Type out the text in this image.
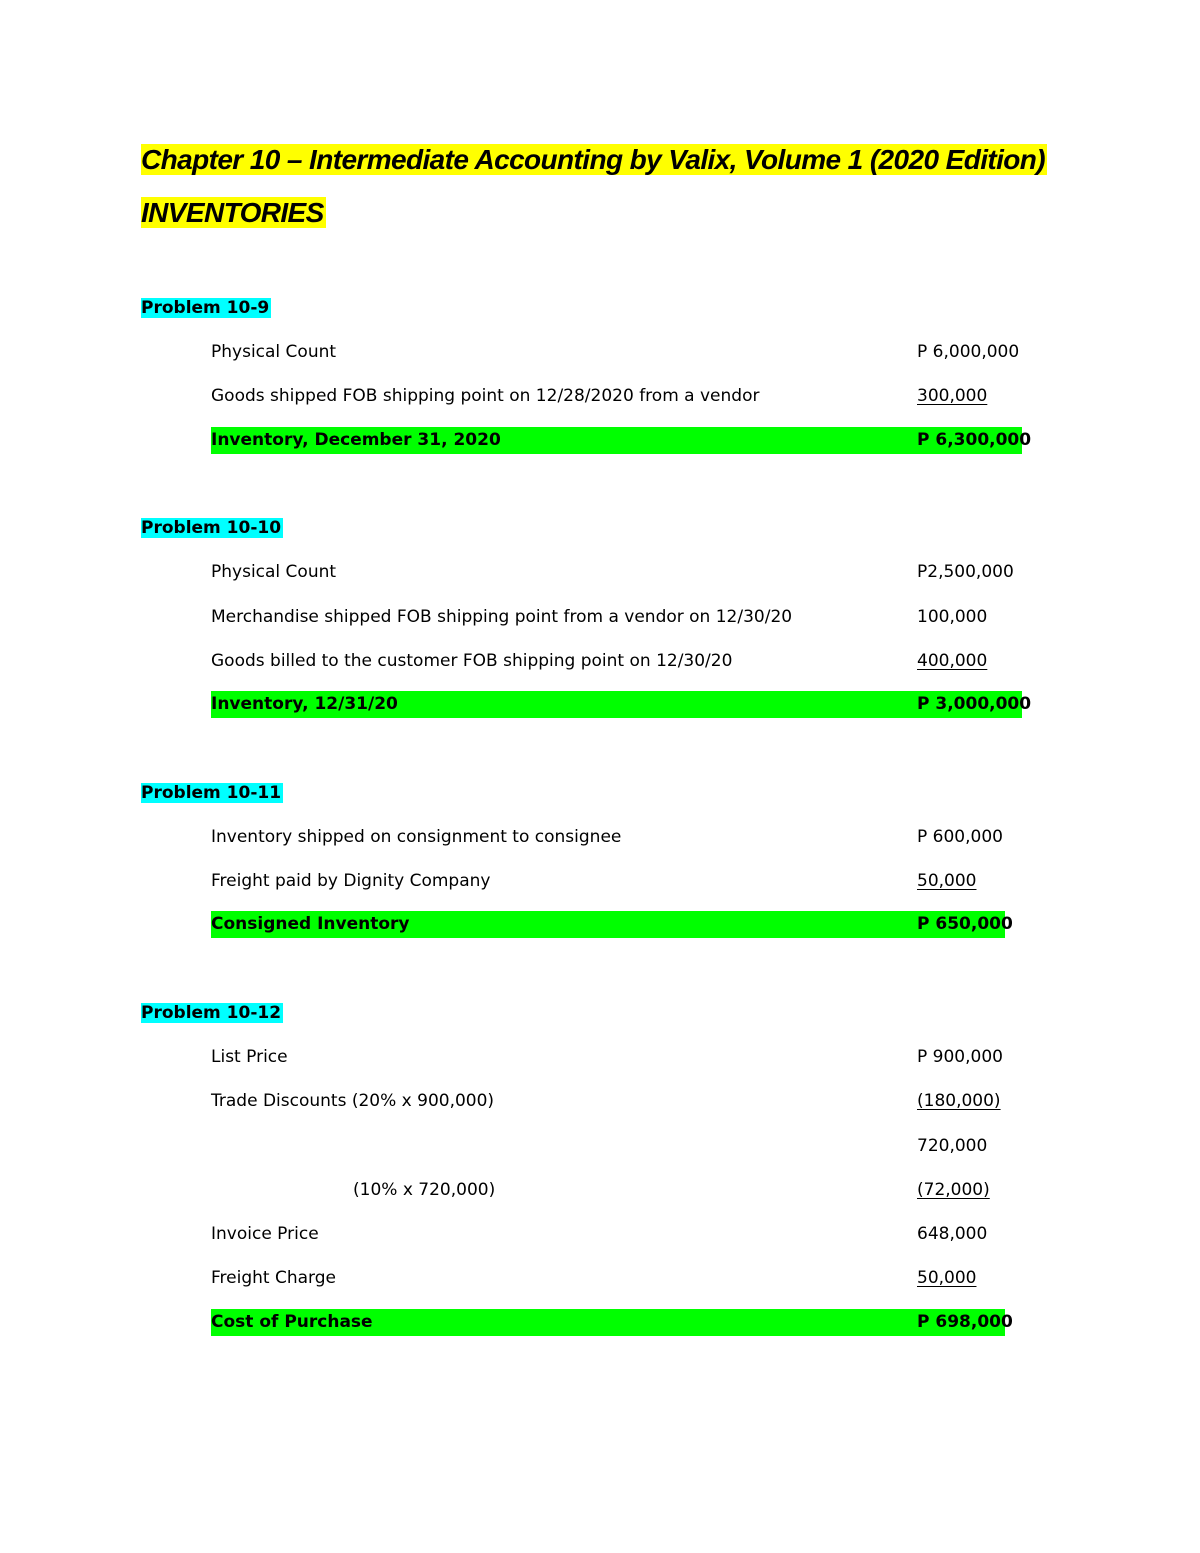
Chapter 10 – Intermediate Accounting by Valix, Volume 1 (2020 Edition)
INVENTORIES
Problem 10-9
Physical Count	P 6,000,000
Goods shipped FOB shipping point on 12/28/2020 from a vendor	300,000
Inventory, December 31, 2020	P 6,300,000
Problem 10-10
Physical Count	P2,500,000
Merchandise shipped FOB shipping point from a vendor on 12/30/20	100,000
Goods billed to the customer FOB shipping point on 12/30/20	400,000
Inventory, 12/31/20	P 3,000,000
Problem 10-11
Inventory shipped on consignment to consignee	P 600,000
Freight paid by Dignity Company	50,000
Consigned Inventory	P 650,000
Problem 10-12
List Price	P 900,000
Trade Discounts (20% x 900,000)	(180,000)
720,000
(10% x 720,000)	(72,000)
Invoice Price	648,000
Freight Charge	50,000
Cost of Purchase	P 698,000
